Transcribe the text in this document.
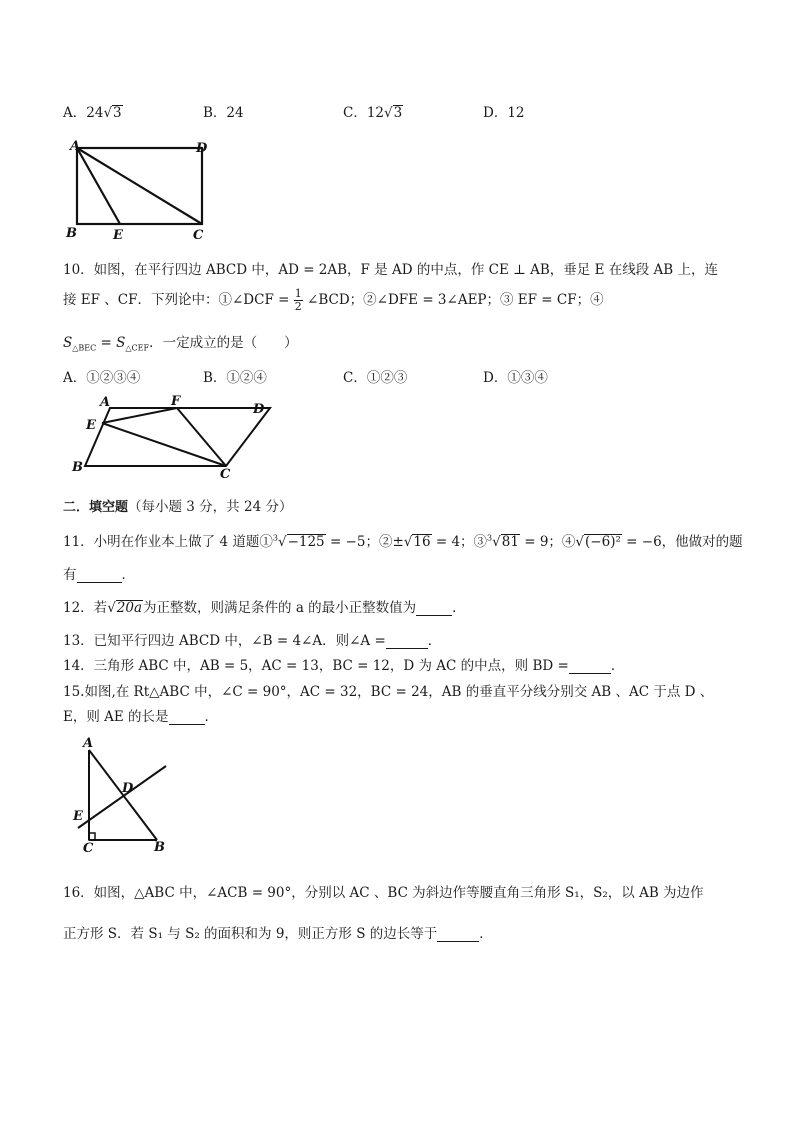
A．24√3	B．24	C．12√3	D．12
A	D
B	E	C
10．如图，在平行四边 ABCD 中，AD = 2AB，F 是 AD 的中点，作 CE ⊥ AB，垂足 E 在线段 AB 上，连
接 EF 、CF．下列论中：①∠DCF = $\frac{1}{2}$ ∠BCD；②∠DFE = 3∠AEP；③ EF = CF；④
$S_{\triangle BEC} = S_{\triangle CEF}$．一定成立的是（　　）
A．①②③④	B．①②④	C．①②③	D．①③④
A	F
D
E
B	C
二．填空题（每小题 3 分，共 24 分）
11．小明在作业本上做了 4 道题①$^3$√−125 = −5；②±√16 = 4；③$^3$√81 = 9；④√(−6)² = −6，他做对的题
有	．
12．若√20a为正整数，则满足条件的 a 的最小正整数值为	．
13．已知平行四边 ABCD 中，∠B = 4∠A．则∠A =	．
14．三角形 ABC 中，AB = 5，AC = 13，BC = 12，D 为 AC 的中点，则 BD =	．
15.如图,在 Rt△ABC 中，∠C = 90°，AC = 32，BC = 24，AB 的垂直平分线分别交 AB 、AC 于点 D 、
E，则 AE 的长是	．
A
D
E
C	B
16．如图，△ABC 中，∠ACB = 90°，分别以 AC 、BC 为斜边作等腰直角三角形 S₁，S₂，以 AB 为边作
正方形 S．若 S₁ 与 S₂ 的面积和为 9，则正方形 S 的边长等于	．
